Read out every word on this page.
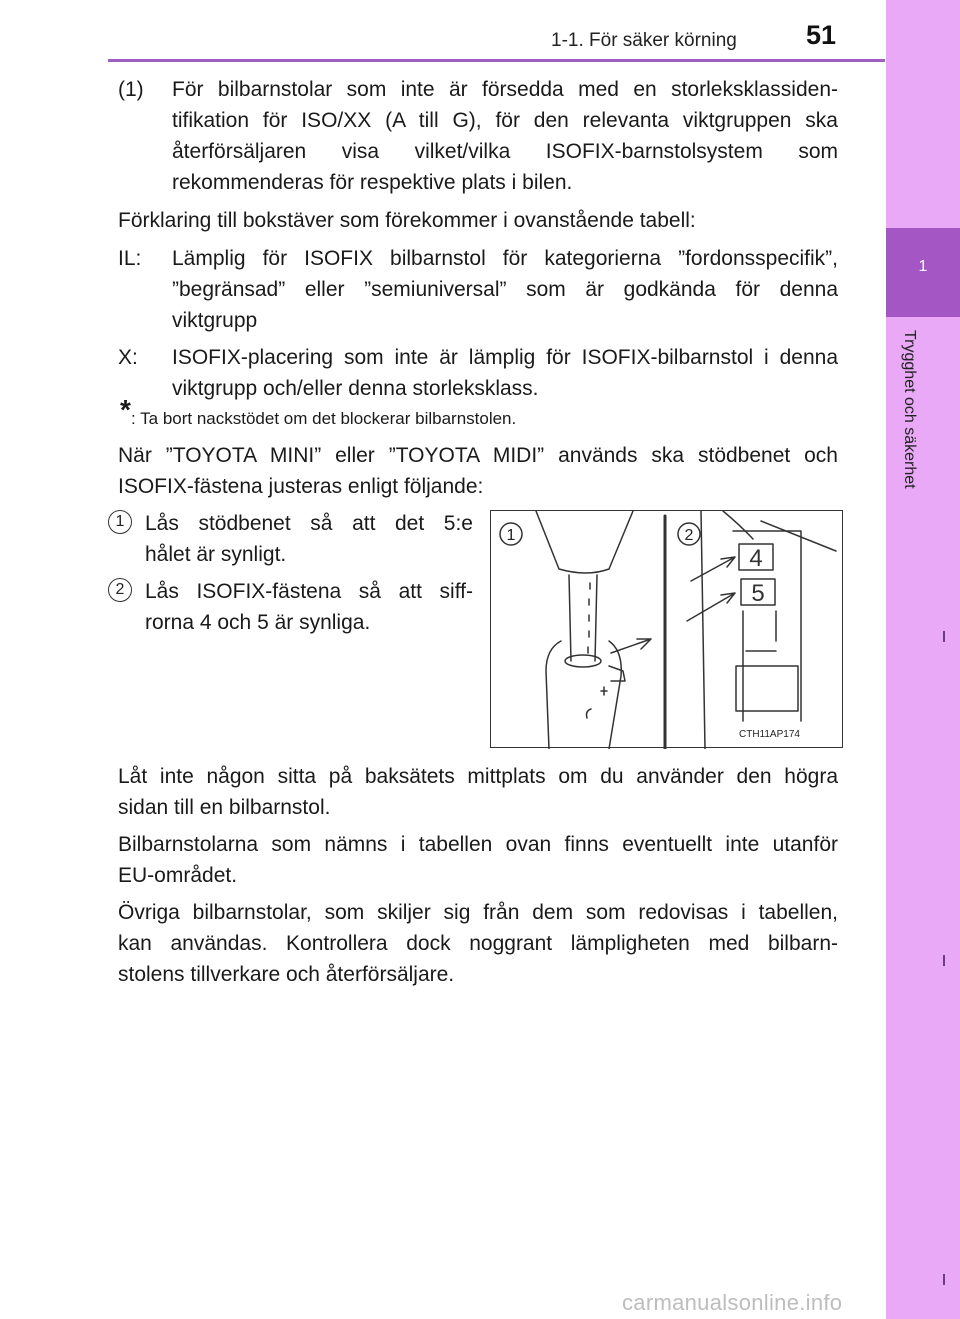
1-1. För säker körning	51
1
Trygghet och säkerhet
(1) För bilbarnstolar som inte är försedda med en storleksklassiden-
tifikation för ISO/XX (A till G), för den relevanta viktgruppen ska
återförsäljaren visa vilket/vilka ISOFIX-barnstolsystem som
rekommenderas för respektive plats i bilen.
Förklaring till bokstäver som förekommer i ovanstående tabell:
IL: Lämplig för ISOFIX bilbarnstol för kategorierna ”fordonsspecifik”,
”begränsad” eller ”semiuniversal” som är godkända för denna
viktgrupp
X: ISOFIX-placering som inte är lämplig för ISOFIX-bilbarnstol i denna
viktgrupp och/eller denna storleksklass.
* : Ta bort nackstödet om det blockerar bilbarnstolen.
När ”TOYOTA MINI” eller ”TOYOTA MIDI” används ska stödbenet och
ISOFIX-fästena justeras enligt följande:
1 Lås stödbenet så att det 5:e
hålet är synligt.
2 Lås ISOFIX-fästena så att siff-
rorna 4 och 5 är synliga.
1	2
4
5
CTH11AP174
Låt inte någon sitta på baksätets mittplats om du använder den högra
sidan till en bilbarnstol.
Bilbarnstolarna som nämns i tabellen ovan finns eventuellt inte utanför
EU-området.
Övriga bilbarnstolar, som skiljer sig från dem som redovisas i tabellen,
kan användas. Kontrollera dock noggrant lämpligheten med bilbarn-
stolens tillverkare och återförsäljare.
carmanualsonline.info
